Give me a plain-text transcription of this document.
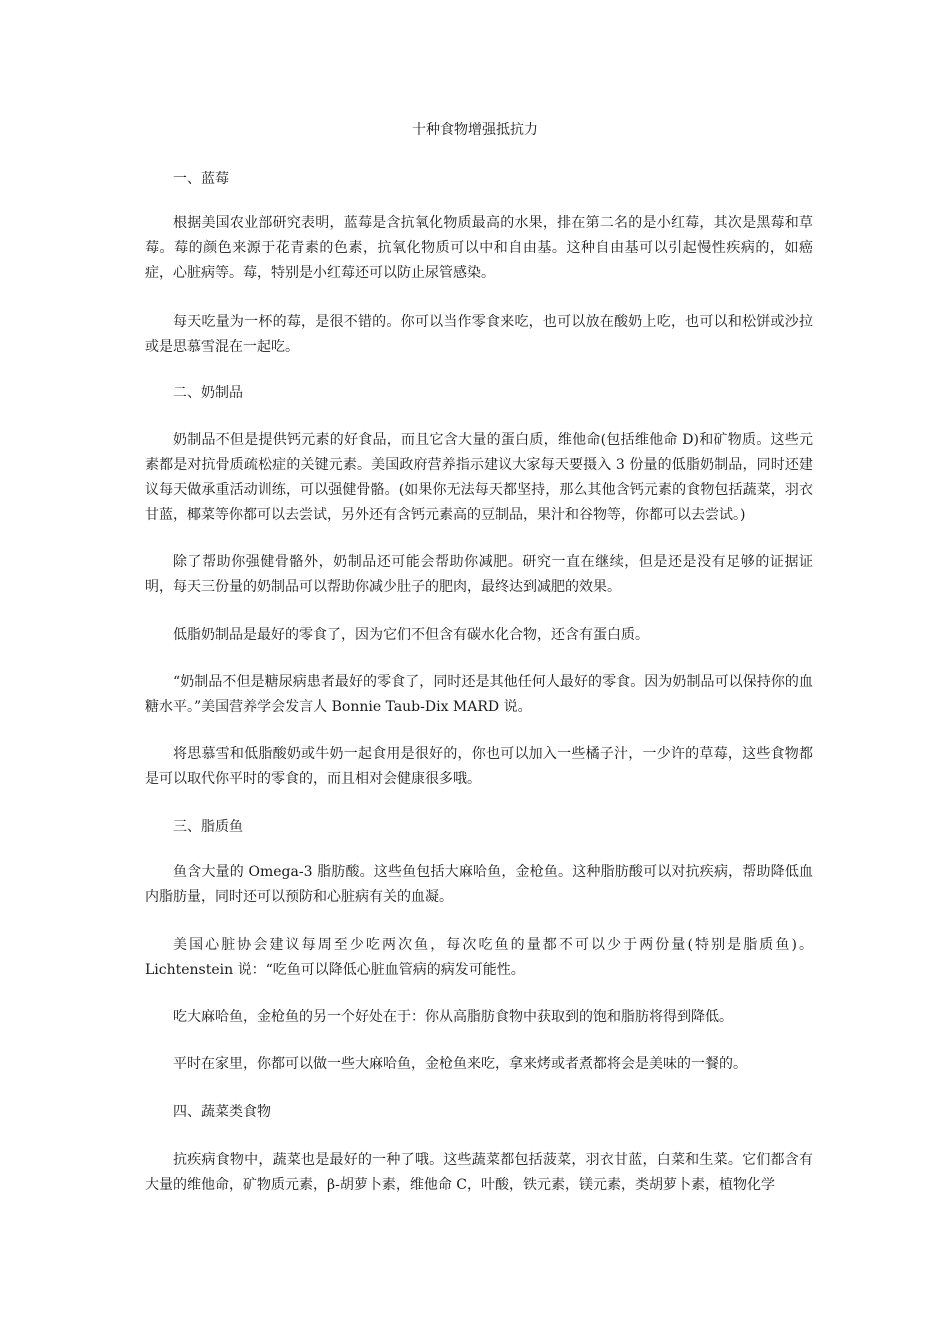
十种食物增强抵抗力

一、蓝莓

根据美国农业部研究表明，蓝莓是含抗氧化物质最高的水果，排在第二名的是小红莓，其次是黑莓和草莓。莓的颜色来源于花青素的色素，抗氧化物质可以中和自由基。这种自由基可以引起慢性疾病的，如癌症，心脏病等。莓，特别是小红莓还可以防止尿管感染。

每天吃量为一杯的莓，是很不错的。你可以当作零食来吃，也可以放在酸奶上吃，也可以和松饼或沙拉或是思慕雪混在一起吃。

二、奶制品

奶制品不但是提供钙元素的好食品，而且它含大量的蛋白质，维他命(包括维他命 D)和矿物质。这些元素都是对抗骨质疏松症的关键元素。美国政府营养指示建议大家每天要摄入 3 份量的低脂奶制品，同时还建议每天做承重活动训练，可以强健骨骼。(如果你无法每天都坚持，那么其他含钙元素的食物包括蔬菜，羽衣甘蓝，椰菜等你都可以去尝试，另外还有含钙元素高的豆制品，果汁和谷物等，你都可以去尝试。)

除了帮助你强健骨骼外，奶制品还可能会帮助你减肥。研究一直在继续，但是还是没有足够的证据证明，每天三份量的奶制品可以帮助你减少肚子的肥肉，最终达到减肥的效果。

低脂奶制品是最好的零食了，因为它们不但含有碳水化合物，还含有蛋白质。

“奶制品不但是糖尿病患者最好的零食了，同时还是其他任何人最好的零食。因为奶制品可以保持你的血糖水平。”美国营养学会发言人 Bonnie Taub-Dix MARD 说。

将思慕雪和低脂酸奶或牛奶一起食用是很好的，你也可以加入一些橘子汁，一少许的草莓，这些食物都是可以取代你平时的零食的，而且相对会健康很多哦。

三、脂质鱼

鱼含大量的 Omega-3 脂肪酸。这些鱼包括大麻哈鱼，金枪鱼。这种脂肪酸可以对抗疾病，帮助降低血内脂肪量，同时还可以预防和心脏病有关的血凝。

美国心脏协会建议每周至少吃两次鱼，每次吃鱼的量都不可以少于两份量(特别是脂质鱼)。Lichtenstein 说：“吃鱼可以降低心脏血管病的病发可能性。

吃大麻哈鱼，金枪鱼的另一个好处在于：你从高脂肪食物中获取到的饱和脂肪将得到降低。

平时在家里，你都可以做一些大麻哈鱼，金枪鱼来吃，拿来烤或者煮都将会是美味的一餐的。

四、蔬菜类食物

抗疾病食物中，蔬菜也是最好的一种了哦。这些蔬菜都包括菠菜，羽衣甘蓝，白菜和生菜。它们都含有大量的维他命，矿物质元素，β-胡萝卜素，维他命 C，叶酸，铁元素，镁元素，类胡萝卜素，植物化学
